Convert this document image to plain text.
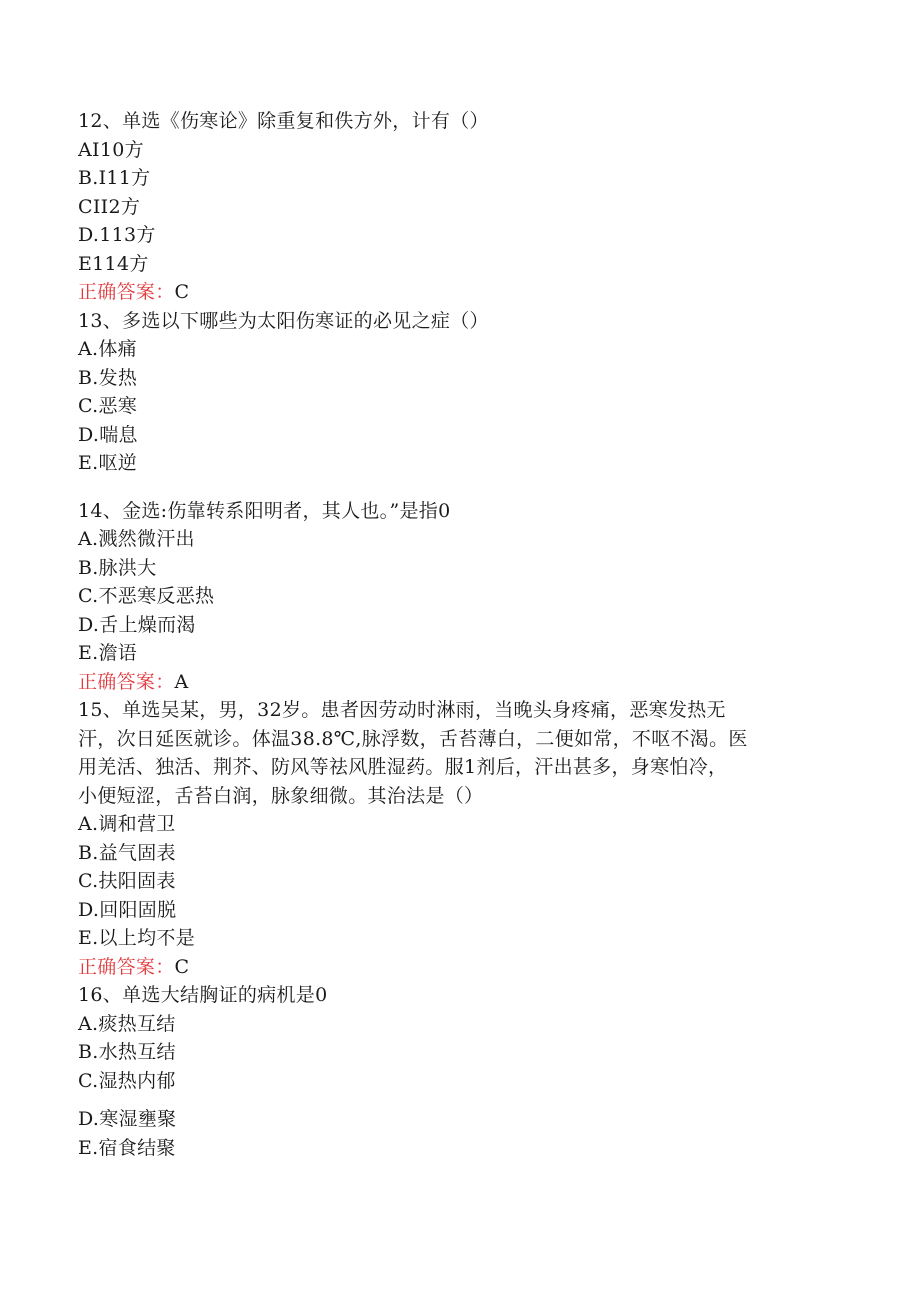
12、单选《伤寒论》除重复和佚方外，计有（）
AI10方
B.I11方
CII2方
D.113方
E114方
正确答案：C
13、多选以下哪些为太阳伤寒证的必见之症（）
A.体痛
B.发热
C.恶寒
D.喘息
E.呕逆
14、金选:伤靠转系阳明者，其人也。”是指0
A.溅然微汗出
B.脉洪大
C.不恶寒反恶热
D.舌上燥而渴
E.澹语
正确答案：A
15、单选吴某，男，32岁。患者因劳动时淋雨，当晚头身疼痛，恶寒发热无
汗，次日延医就诊。体温38.8℃,脉浮数，舌苔薄白，二便如常，不呕不渴。医
用羌活、独活、荆芥、防风等祛风胜湿药。服1剂后，汗出甚多，身寒怕冷，
小便短涩，舌苔白润，脉象细微。其治法是（）
A.调和营卫
B.益气固表
C.扶阳固表
D.回阳固脱
E.以上均不是
正确答案：C
16、单选大结胸证的病机是0
A.痰热互结
B.水热互结
C.湿热内郁
D.寒湿壅聚
E.宿食结聚
